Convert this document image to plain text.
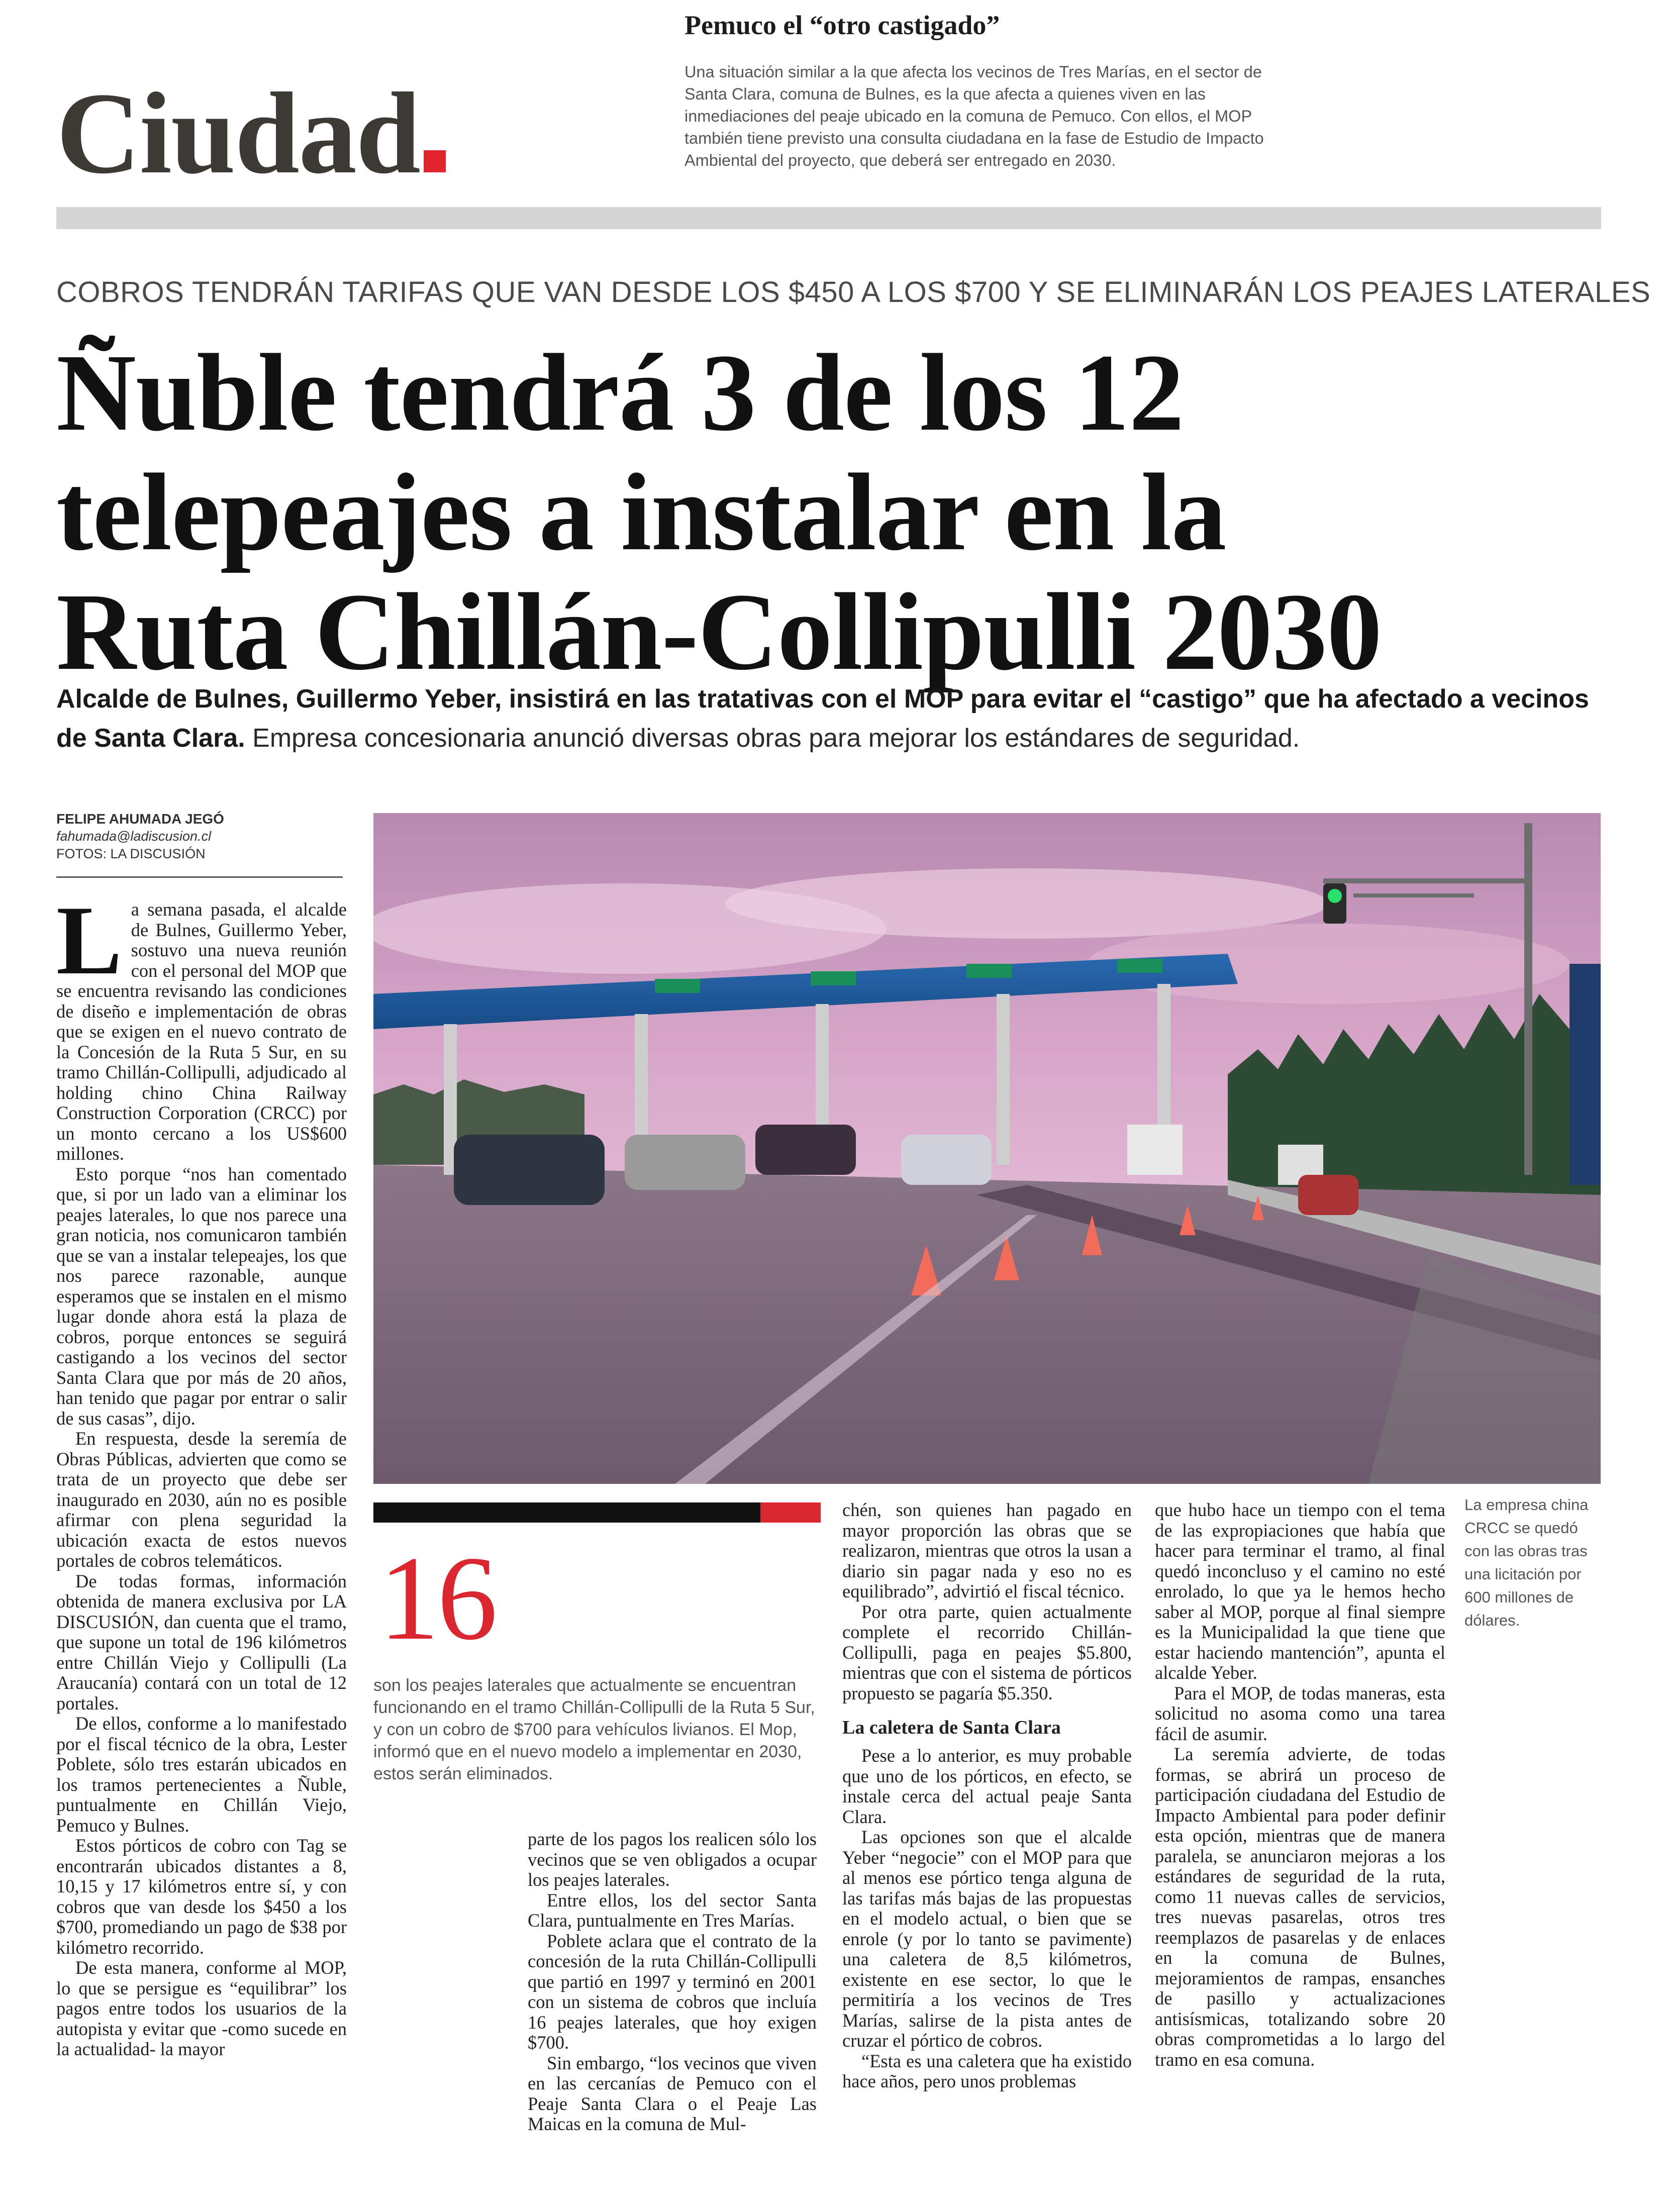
Ciudad
Pemuco el “otro castigado”
Una situación similar a la que afecta los vecinos de Tres Marías, en el sector de Santa Clara, comuna de Bulnes, es la que afecta a quienes viven en las inmediaciones del peaje ubicado en la comuna de Pemuco. Con ellos, el MOP también tiene previsto una consulta ciudadana en la fase de Estudio de Impacto Ambiental del proyecto, que deberá ser entregado en 2030.
COBROS TENDRÁN TARIFAS QUE VAN DESDE LOS $450 A LOS $700 Y SE ELIMINARÁN LOS PEAJES LATERALES
Ñuble tendrá 3 de los 12
telepeajes a instalar en la
Ruta Chillán-Collipulli 2030
Alcalde de Bulnes, Guillermo Yeber, insistirá en las tratativas con el MOP para evitar el “castigo” que ha afectado a vecinos de Santa Clara. Empresa concesionaria anunció diversas obras para mejorar los estándares de seguridad.
FELIPE AHUMADA JEGÓ
fahumada@ladiscusion.cl
FOTOS: LA DISCUSIÓN
La empresa china CRCC se quedó con las obras tras una licitación por 600 millones de dólares.
16
son los peajes laterales que actualmente se encuentran funcionando en el tramo Chillán-Collipulli de la Ruta 5 Sur, y con un cobro de $700 para vehículos livianos. El Mop, informó que en el nuevo modelo a implementar en 2030, estos serán eliminados.

La semana pasada, el alcalde de Bulnes, Guillermo Yeber, sostuvo una nueva reunión con el personal del MOP que se encuentra revisando las condiciones de diseño e implementación de obras que se exigen en el nuevo contrato de la Concesión de la Ruta 5 Sur, en su tramo Chillán-Collipulli, adjudicado al holding chino China Railway Construction Corporation (CRCC) por un monto cercano a los US$600 millones.

Esto porque “nos han comentado que, si por un lado van a eliminar los peajes laterales, lo que nos parece una gran noticia, nos comunicaron también que se van a instalar telepeajes, los que nos parece razonable, aunque esperamos que se instalen en el mismo lugar donde ahora está la plaza de cobros, porque entonces se seguirá castigando a los vecinos del sector Santa Clara que por más de 20 años, han tenido que pagar por entrar o salir de sus casas”, dijo.

En respuesta, desde la seremía de Obras Públicas, advierten que como se trata de un proyecto que debe ser inaugurado en 2030, aún no es posible afirmar con plena seguridad la ubicación exacta de estos nuevos portales de cobros telemáticos.

De todas formas, información obtenida de manera exclusiva por LA DISCUSIÓN, dan cuenta que el tramo, que supone un total de 196 kilómetros entre Chillán Viejo y Collipulli (La Araucanía) contará con un total de 12 portales.

De ellos, conforme a lo manifestado por el fiscal técnico de la obra, Lester Poblete, sólo tres estarán ubicados en los tramos pertenecientes a Ñuble, puntualmente en Chillán Viejo, Pemuco y Bulnes.

Estos pórticos de cobro con Tag se encontrarán ubicados distantes a 8, 10,15 y 17 kilómetros entre sí, y con cobros que van desde los $450 a los $700, promediando un pago de $38 por kilómetro recorrido.

De esta manera, conforme al MOP, lo que se persigue es “equilibrar” los pagos entre todos los usuarios de la autopista y evitar que -como sucede en la actualidad- la mayor

parte de los pagos los realicen sólo los vecinos que se ven obligados a ocupar los peajes laterales.

Entre ellos, los del sector Santa Clara, puntualmente en Tres Marías.

Poblete aclara que el contrato de la concesión de la ruta Chillán-Collipulli que partió en 1997 y terminó en 2001 con un sistema de cobros que incluía 16 peajes laterales, que hoy exigen $700.

Sin embargo, “los vecinos que viven en las cercanías de Pemuco con el Peaje Santa Clara o el Peaje Las Maicas en la comuna de Mul-

chén, son quienes han pagado en mayor proporción las obras que se realizaron, mientras que otros la usan a diario sin pagar nada y eso no es equilibrado”, advirtió el fiscal técnico.

Por otra parte, quien actualmente complete el recorrido Chillán-Collipulli, paga en peajes $5.800, mientras que con el sistema de pórticos propuesto se pagaría $5.350.

La caletera de Santa Clara

Pese a lo anterior, es muy probable que uno de los pórticos, en efecto, se instale cerca del actual peaje Santa Clara.

Las opciones son que el alcalde Yeber “negocie” con el MOP para que al menos ese pórtico tenga alguna de las tarifas más bajas de las propuestas en el modelo actual, o bien que se enrole (y por lo tanto se pavimente) una caletera de 8,5 kilómetros, existente en ese sector, lo que le permitiría a los vecinos de Tres Marías, salirse de la pista antes de cruzar el pórtico de cobros.

“Esta es una caletera que ha existido hace años, pero unos problemas

que hubo hace un tiempo con el tema de las expropiaciones que había que hacer para terminar el tramo, al final quedó inconcluso y el camino no esté enrolado, lo que ya le hemos hecho saber al MOP, porque al final siempre es la Municipalidad la que tiene que estar haciendo mantención”, apunta el alcalde Yeber.

Para el MOP, de todas maneras, esta solicitud no asoma como una tarea fácil de asumir.

La seremía advierte, de todas formas, se abrirá un proceso de participación ciudadana del Estudio de Impacto Ambiental para poder definir esta opción, mientras que de manera paralela, se anunciaron mejoras a los estándares de seguridad de la ruta, como 11 nuevas calles de servicios, tres nuevas pasarelas, otros tres reemplazos de pasarelas y de enlaces en la comuna de Bulnes, mejoramientos de rampas, ensanches de pasillo y actualizaciones antisísmicas, totalizando sobre 20 obras comprometidas a lo largo del tramo en esa comuna.
